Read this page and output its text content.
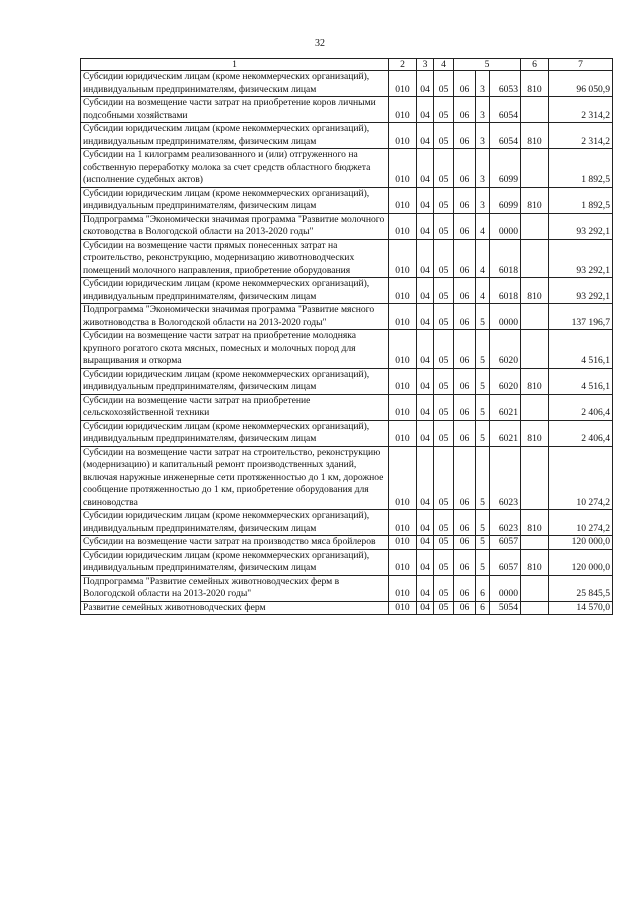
32
1	2	3	4	5			6	7
Субсидии юридическим лицам (кроме некоммерческих организаций), индивидуальным предпринимателям, физическим лицам	010	04	05	06	3	6053	810	96 050,9
Субсидии на возмещение части затрат на приобретение коров личными подсобными хозяйствами	010	04	05	06	3	6054		2 314,2
Субсидии юридическим лицам (кроме некоммерческих организаций), индивидуальным предпринимателям, физическим лицам	010	04	05	06	3	6054	810	2 314,2
Субсидии на 1 килограмм реализованного и (или) отгруженного на собственную переработку молока за счет средств областного бюджета (исполнение судебных актов)	010	04	05	06	3	6099		1 892,5
Субсидии юридическим лицам (кроме некоммерческих организаций), индивидуальным предпринимателям, физическим лицам	010	04	05	06	3	6099	810	1 892,5
Подпрограмма "Экономически значимая программа "Развитие молочного скотоводства в Вологодской области на 2013-2020 годы"	010	04	05	06	4	0000		93 292,1
Субсидии на возмещение части прямых понесенных затрат на строительство, реконструкцию, модернизацию животноводческих помещений молочного направления, приобретение оборудования	010	04	05	06	4	6018		93 292,1
Субсидии юридическим лицам (кроме некоммерческих организаций), индивидуальным предпринимателям, физическим лицам	010	04	05	06	4	6018	810	93 292,1
Подпрограмма "Экономически значимая программа "Развитие мясного животноводства в Вологодской области на 2013-2020 годы"	010	04	05	06	5	0000		137 196,7
Субсидии на возмещение части затрат на приобретение молодняка крупного рогатого скота мясных, помесных и молочных пород для выращивания и откорма	010	04	05	06	5	6020		4 516,1
Субсидии юридическим лицам (кроме некоммерческих организаций), индивидуальным предпринимателям, физическим лицам	010	04	05	06	5	6020	810	4 516,1
Субсидии на возмещение части затрат на приобретение сельскохозяйственной техники	010	04	05	06	5	6021		2 406,4
Субсидии юридическим лицам (кроме некоммерческих организаций), индивидуальным предпринимателям, физическим лицам	010	04	05	06	5	6021	810	2 406,4
Субсидии на возмещение части затрат на строительство, реконструкцию (модернизацию) и капитальный ремонт производственных зданий, включая наружные инженерные сети протяженностью до 1 км, дорожное сообщение протяженностью до 1 км, приобретение оборудования для свиноводства	010	04	05	06	5	6023		10 274,2
Субсидии юридическим лицам (кроме некоммерческих организаций), индивидуальным предпринимателям, физическим лицам	010	04	05	06	5	6023	810	10 274,2
Субсидии на возмещение части затрат на производство мяса бройлеров	010	04	05	06	5	6057		120 000,0
Субсидии юридическим лицам (кроме некоммерческих организаций), индивидуальным предпринимателям, физическим лицам	010	04	05	06	5	6057	810	120 000,0
Подпрограмма "Развитие семейных животноводческих ферм в Вологодской области на 2013-2020 годы"	010	04	05	06	6	0000		25 845,5
Развитие семейных животноводческих ферм	010	04	05	06	6	5054		14 570,0
